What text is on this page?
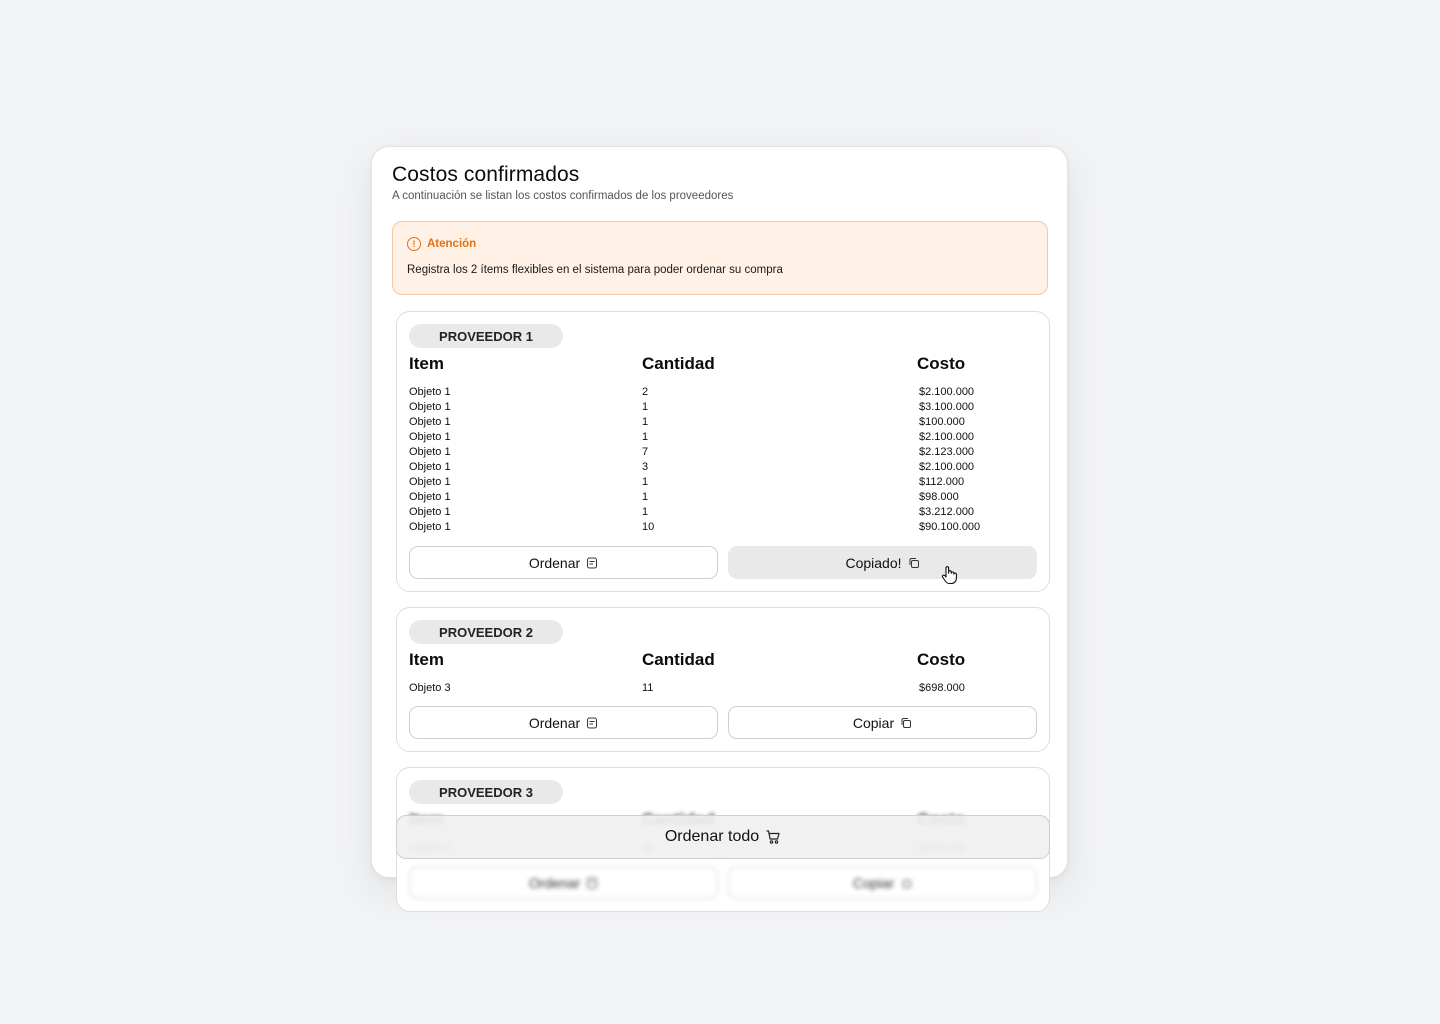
Costos confirmados

A continuación se listan los costos confirmados de los proveedores

!	Atención

Registra los 2 ítems flexibles en el sistema para poder ordenar su compra

PROVEEDOR 1
Item	Cantidad	Costo
Objeto 1	2	$2.100.000
Objeto 1	1	$3.100.000
Objeto 1	1	$100.000
Objeto 1	1	$2.100.000
Objeto 1	7	$2.123.000
Objeto 1	3	$2.100.000
Objeto 1	1	$112.000
Objeto 1	1	$98.000
Objeto 1	1	$3.212.000
Objeto 1	10	$90.100.000
Ordenar	Copiado!
PROVEEDOR 2
Item	Cantidad	Costo
Objeto 3	11	$698.000
Ordenar	Copiar
PROVEEDOR 3
Ordenar	Copiar
Ordenar todo
